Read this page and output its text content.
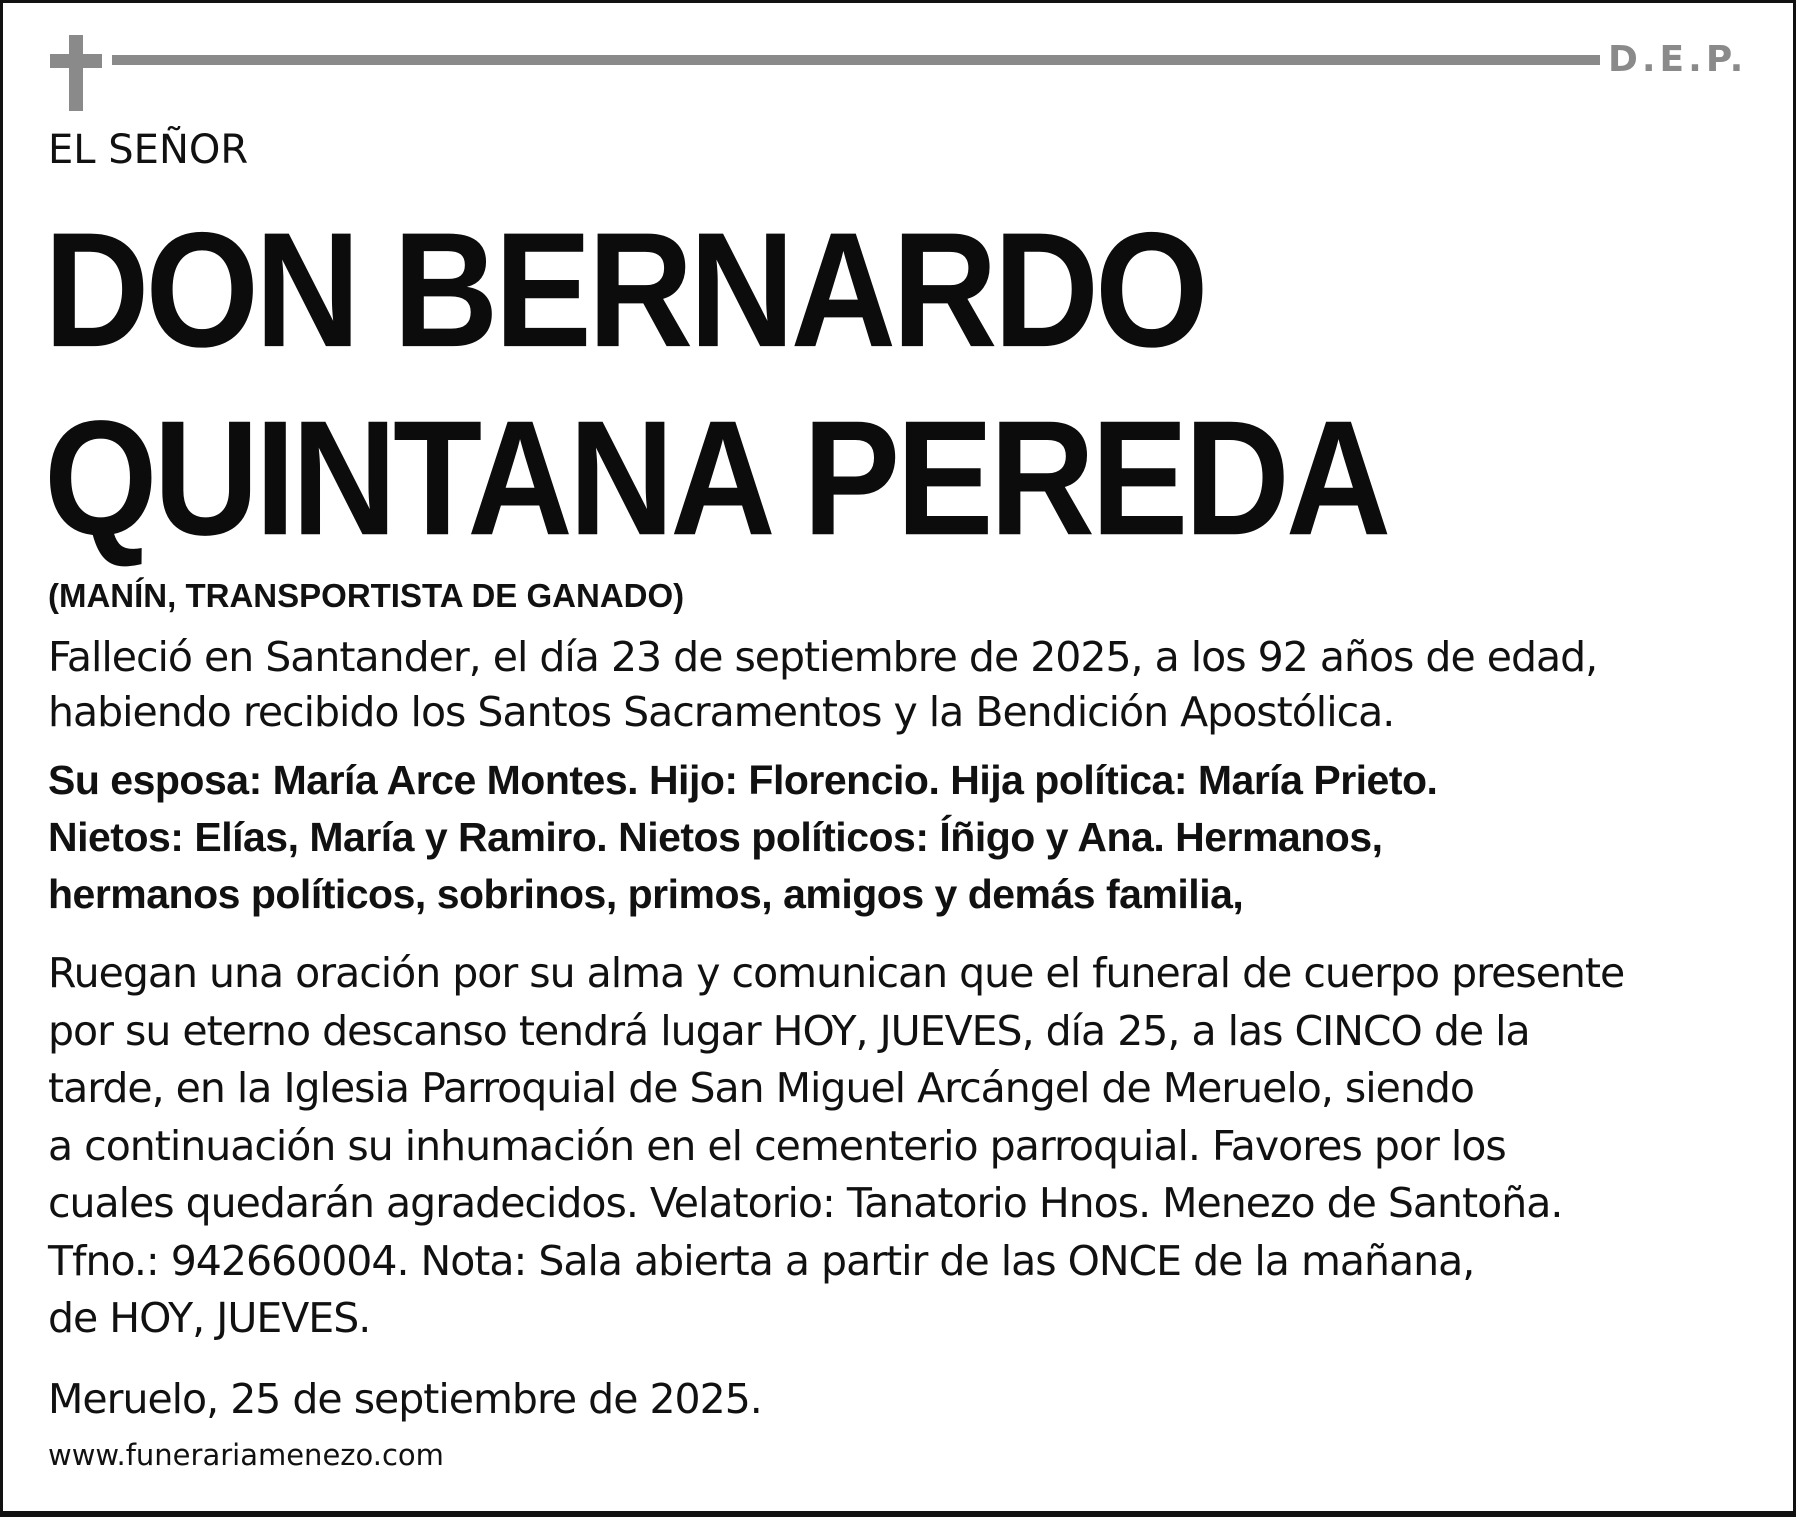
D.E.P.
EL SEÑOR
DON BERNARDO
QUINTANA PEREDA
(MANÍN, TRANSPORTISTA DE GANADO)
Falleció en Santander, el día 23 de septiembre de 2025, a los 92 años de edad,
habiendo recibido los Santos Sacramentos y la Bendición Apostólica.
Su esposa: María Arce Montes. Hijo: Florencio. Hija política: María Prieto.
Nietos: Elías, María y Ramiro. Nietos políticos: Íñigo y Ana. Hermanos,
hermanos políticos, sobrinos, primos, amigos y demás familia,
Ruegan una oración por su alma y comunican que el funeral de cuerpo presente
por su eterno descanso tendrá lugar HOY, JUEVES, día 25, a las CINCO de la
tarde, en la Iglesia Parroquial de San Miguel Arcángel de Meruelo, siendo
a continuación su inhumación en el cementerio parroquial. Favores por los
cuales quedarán agradecidos. Velatorio: Tanatorio Hnos. Menezo de Santoña.
Tfno.: 942660004. Nota: Sala abierta a partir de las ONCE de la mañana,
de HOY, JUEVES.
Meruelo, 25 de septiembre de 2025.
www.funerariamenezo.com
